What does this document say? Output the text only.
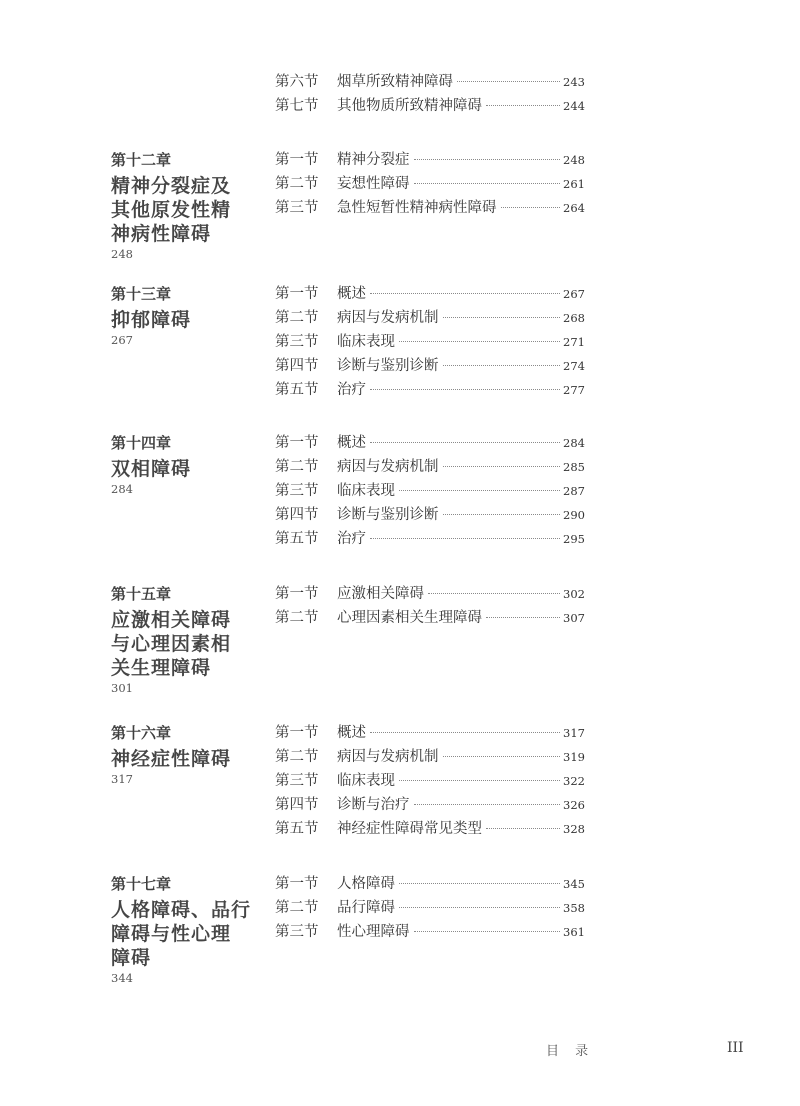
第六节	烟草所致精神障碍	243
第七节	其他物质所致精神障碍	244
第十二章
精神分裂症及
其他原发性精
神病性障碍
248
第一节	精神分裂症	248
第二节	妄想性障碍	261
第三节	急性短暂性精神病性障碍	264
第十三章
抑郁障碍
267
第一节	概述	267
第二节	病因与发病机制	268
第三节	临床表现	271
第四节	诊断与鉴别诊断	274
第五节	治疗	277
第十四章
双相障碍
284
第一节	概述	284
第二节	病因与发病机制	285
第三节	临床表现	287
第四节	诊断与鉴别诊断	290
第五节	治疗	295
第十五章
应激相关障碍
与心理因素相
关生理障碍
301
第一节	应激相关障碍	302
第二节	心理因素相关生理障碍	307
第十六章
神经症性障碍
317
第一节	概述	317
第二节	病因与发病机制	319
第三节	临床表现	322
第四节	诊断与治疗	326
第五节	神经症性障碍常见类型	328
第十七章
人格障碍、品行
障碍与性心理
障碍
344
第一节	人格障碍	345
第二节	品行障碍	358
第三节	性心理障碍	361
目 录	III
